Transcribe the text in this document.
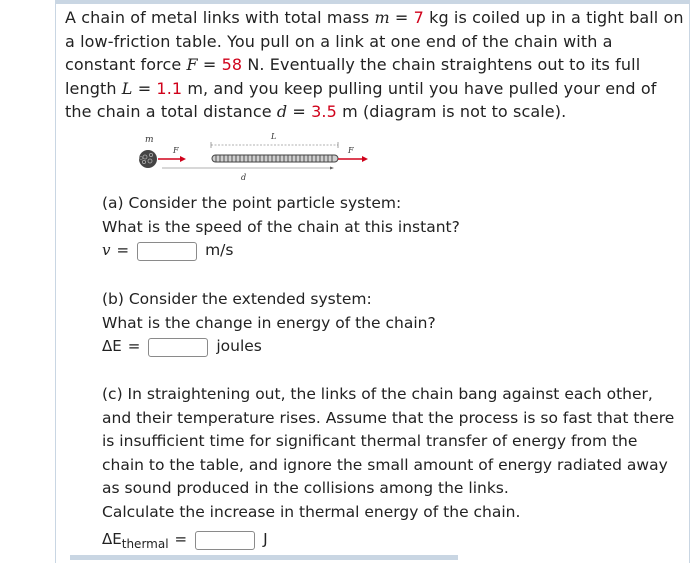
A chain of metal links with total mass m = 7 kg is coiled up in a tight ball on a low-friction table. You pull on a link at one end of the chain with a constant force F = 58 N. Eventually the chain straightens out to its full length L = 1.1 m, and you keep pulling until you have pulled your end of the chain a total distance d = 3.5 m (diagram is not to scale).
m
F
L
F
d
(a) Consider the point particle system:
What is the speed of the chain at this instant?
v =	m/s
(b) Consider the extended system:
What is the change in energy of the chain?
ΔE =	joules
(c) In straightening out, the links of the chain bang against each other, and their temperature rises. Assume that the process is so fast that there is insufficient time for significant thermal transfer of energy from the chain to the table, and ignore the small amount of energy radiated away as sound produced in the collisions among the links.
Calculate the increase in thermal energy of the chain.
$\Delta E_{thermal}$ =	J
